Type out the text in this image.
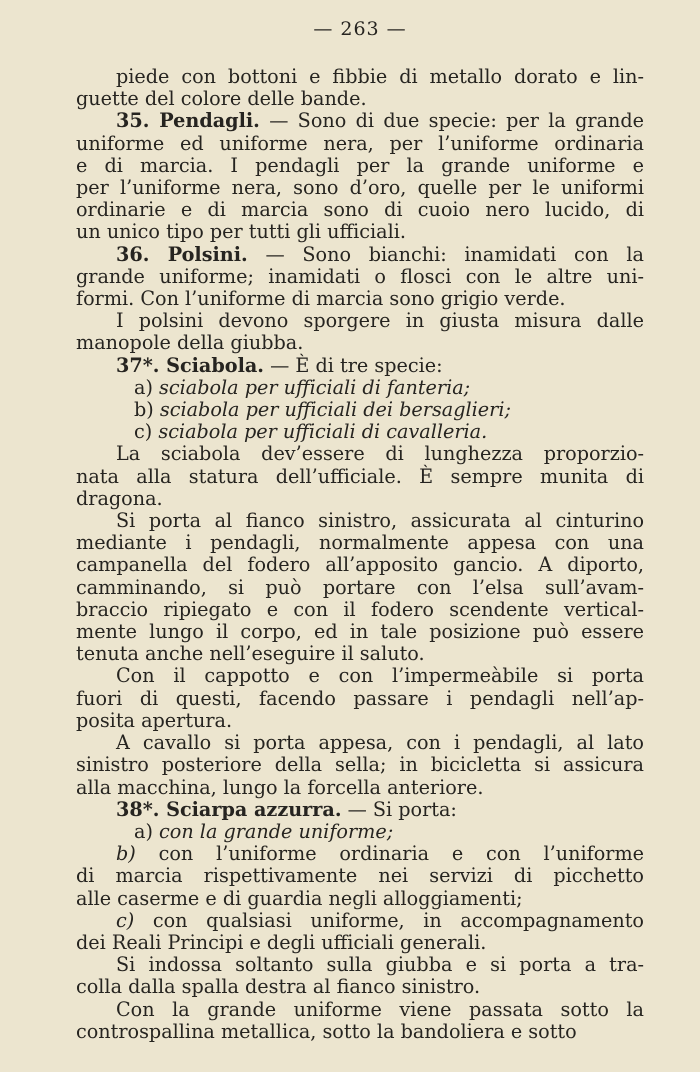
— 263 —

piede con bottoni e fibbie di metallo dorato e lin-

guette del colore delle bande.

35. Pendagli. — Sono di due specie: per la grande

uniforme ed uniforme nera, per l’uniforme ordinaria

e di marcia. I pendagli per la grande uniforme e

per l’uniforme nera, sono d’oro, quelle per le uniformi

ordinarie e di marcia sono di cuoio nero lucido, di

un unico tipo per tutti gli ufficiali.

36. Polsini. — Sono bianchi: inamidati con la

grande uniforme; inamidati o flosci con le altre uni-

formi. Con l’uniforme di marcia sono grigio verde.

I polsini devono sporgere in giusta misura dalle

manopole della giubba.

37*. Sciabola. — È di tre specie:

a) sciabola per ufficiali di fanteria;

b) sciabola per ufficiali dei bersaglieri;

c) sciabola per ufficiali di cavalleria.

La sciabola dev’essere di lunghezza proporzio-

nata alla statura dell’ufficiale. È sempre munita di

dragona.

Si porta al fianco sinistro, assicurata al cinturino

mediante i pendagli, normalmente appesa con una

campanella del fodero all’apposito gancio. A diporto,

camminando, si può portare con l’elsa sull’avam-

braccio ripiegato e con il fodero scendente vertical-

mente lungo il corpo, ed in tale posizione può essere

tenuta anche nell’eseguire il saluto.

Con il cappotto e con l’impermeàbile si porta

fuori di questi, facendo passare i pendagli nell’ap-

posita apertura.

A cavallo si porta appesa, con i pendagli, al lato

sinistro posteriore della sella; in bicicletta si assicura

alla macchina, lungo la forcella anteriore.

38*. Sciarpa azzurra. — Si porta:

a) con la grande uniforme;

b) con l’uniforme ordinaria e con l’uniforme

di marcia rispettivamente nei servizi di picchetto

alle caserme e di guardia negli alloggiamenti;

c) con qualsiasi uniforme, in accompagnamento

dei Reali Principi e degli ufficiali generali.

Si indossa soltanto sulla giubba e si porta a tra-

colla dalla spalla destra al fianco sinistro.

Con la grande uniforme viene passata sotto la

controspallina metallica, sotto la bandoliera e sotto
